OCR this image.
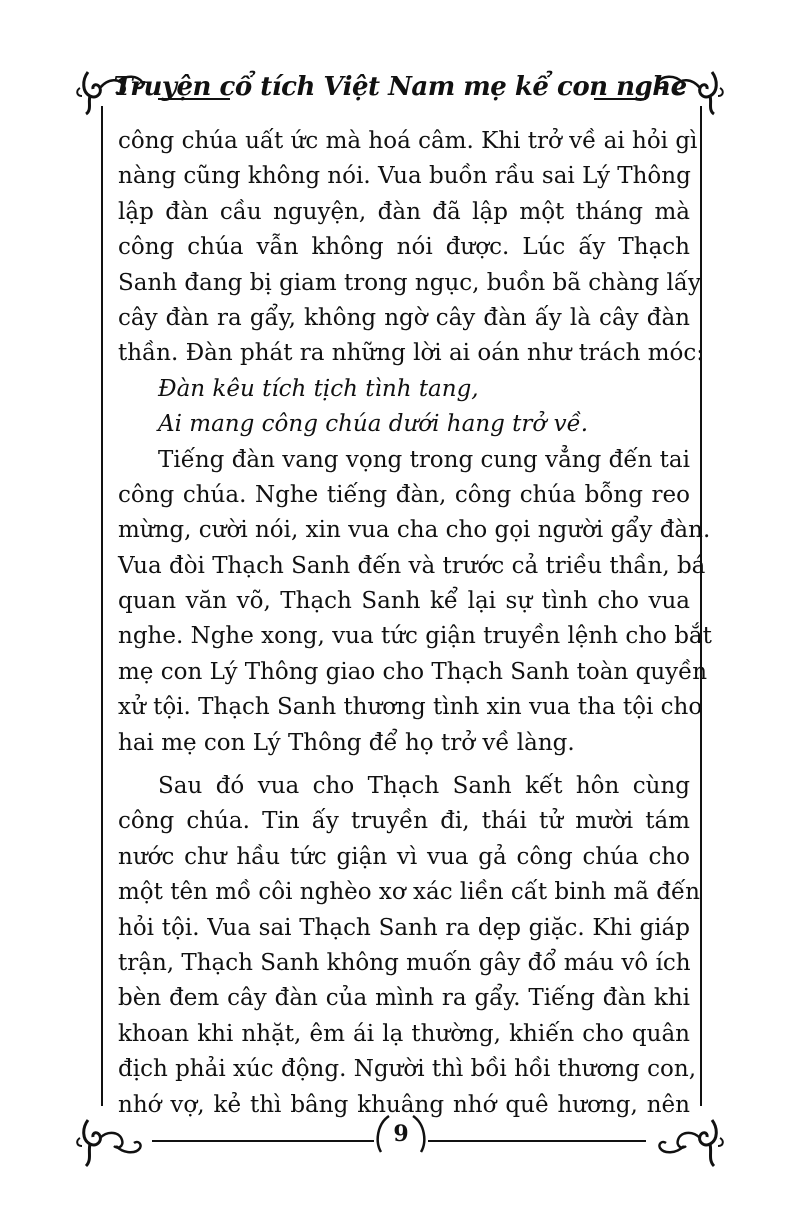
Truyện cổ tích Việt Nam mẹ kể con nghe
công chúa uất ức mà hoá câm. Khi trở về ai hỏi gì
nàng cũng không nói. Vua buồn rầu sai Lý Thông
lập đàn cầu nguyện, đàn đã lập một tháng mà
công chúa vẫn không nói được. Lúc ấy Thạch
Sanh đang bị giam trong ngục, buồn bã chàng lấy
cây đàn ra gẩy, không ngờ cây đàn ấy là cây đàn
thần. Đàn phát ra những lời ai oán như trách móc:
Đàn kêu tích tịch tình tang,
Ai mang công chúa dưới hang trở về.
Tiếng đàn vang vọng trong cung vẳng đến tai
công chúa. Nghe tiếng đàn, công chúa bỗng reo
mừng, cười nói, xin vua cha cho gọi người gẩy đàn.
Vua đòi Thạch Sanh đến và trước cả triều thần, bá
quan văn võ, Thạch Sanh kể lại sự tình cho vua
nghe. Nghe xong, vua tức giận truyền lệnh cho bắt
mẹ con Lý Thông giao cho Thạch Sanh toàn quyền
xử tội. Thạch Sanh thương tình xin vua tha tội cho
hai mẹ con Lý Thông để họ trở về làng.
Sau đó vua cho Thạch Sanh kết hôn cùng
công chúa. Tin ấy truyền đi, thái tử mười tám
nước chư hầu tức giận vì vua gả công chúa cho
một tên mồ côi nghèo xơ xác liền cất binh mã đến
hỏi tội. Vua sai Thạch Sanh ra dẹp giặc. Khi giáp
trận, Thạch Sanh không muốn gây đổ máu vô ích
bèn đem cây đàn của mình ra gẩy. Tiếng đàn khi
khoan khi nhặt, êm ái lạ thường, khiến cho quân
địch phải xúc động. Người thì bồi hồi thương con,
nhớ vợ, kẻ thì bâng khuâng nhớ quê hương, nên
9
